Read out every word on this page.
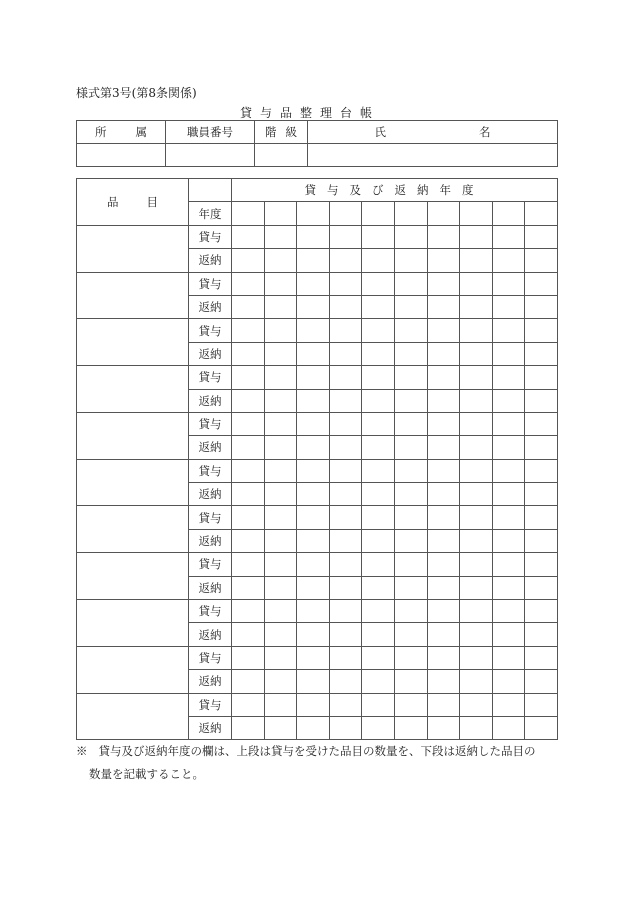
様式第3号(第8条関係)
貸与品整理台帳
所 属	職員番号	階 級	氏 名

品 目		貸与及び返納年度									
	年度										
	貸与										
	返納										
	貸与										
	返納										
	貸与										
	返納										
	貸与										
	返納										
	貸与										
	返納										
	貸与										
	返納										
	貸与										
	返納										
	貸与										
	返納										
	貸与										
	返納										
	貸与										
	返納										
	貸与										
	返納										
※ 貸与及び返納年度の欄は、上段は貸与を受けた品目の数量を、下段は返納した品目の
数量を記載すること。
